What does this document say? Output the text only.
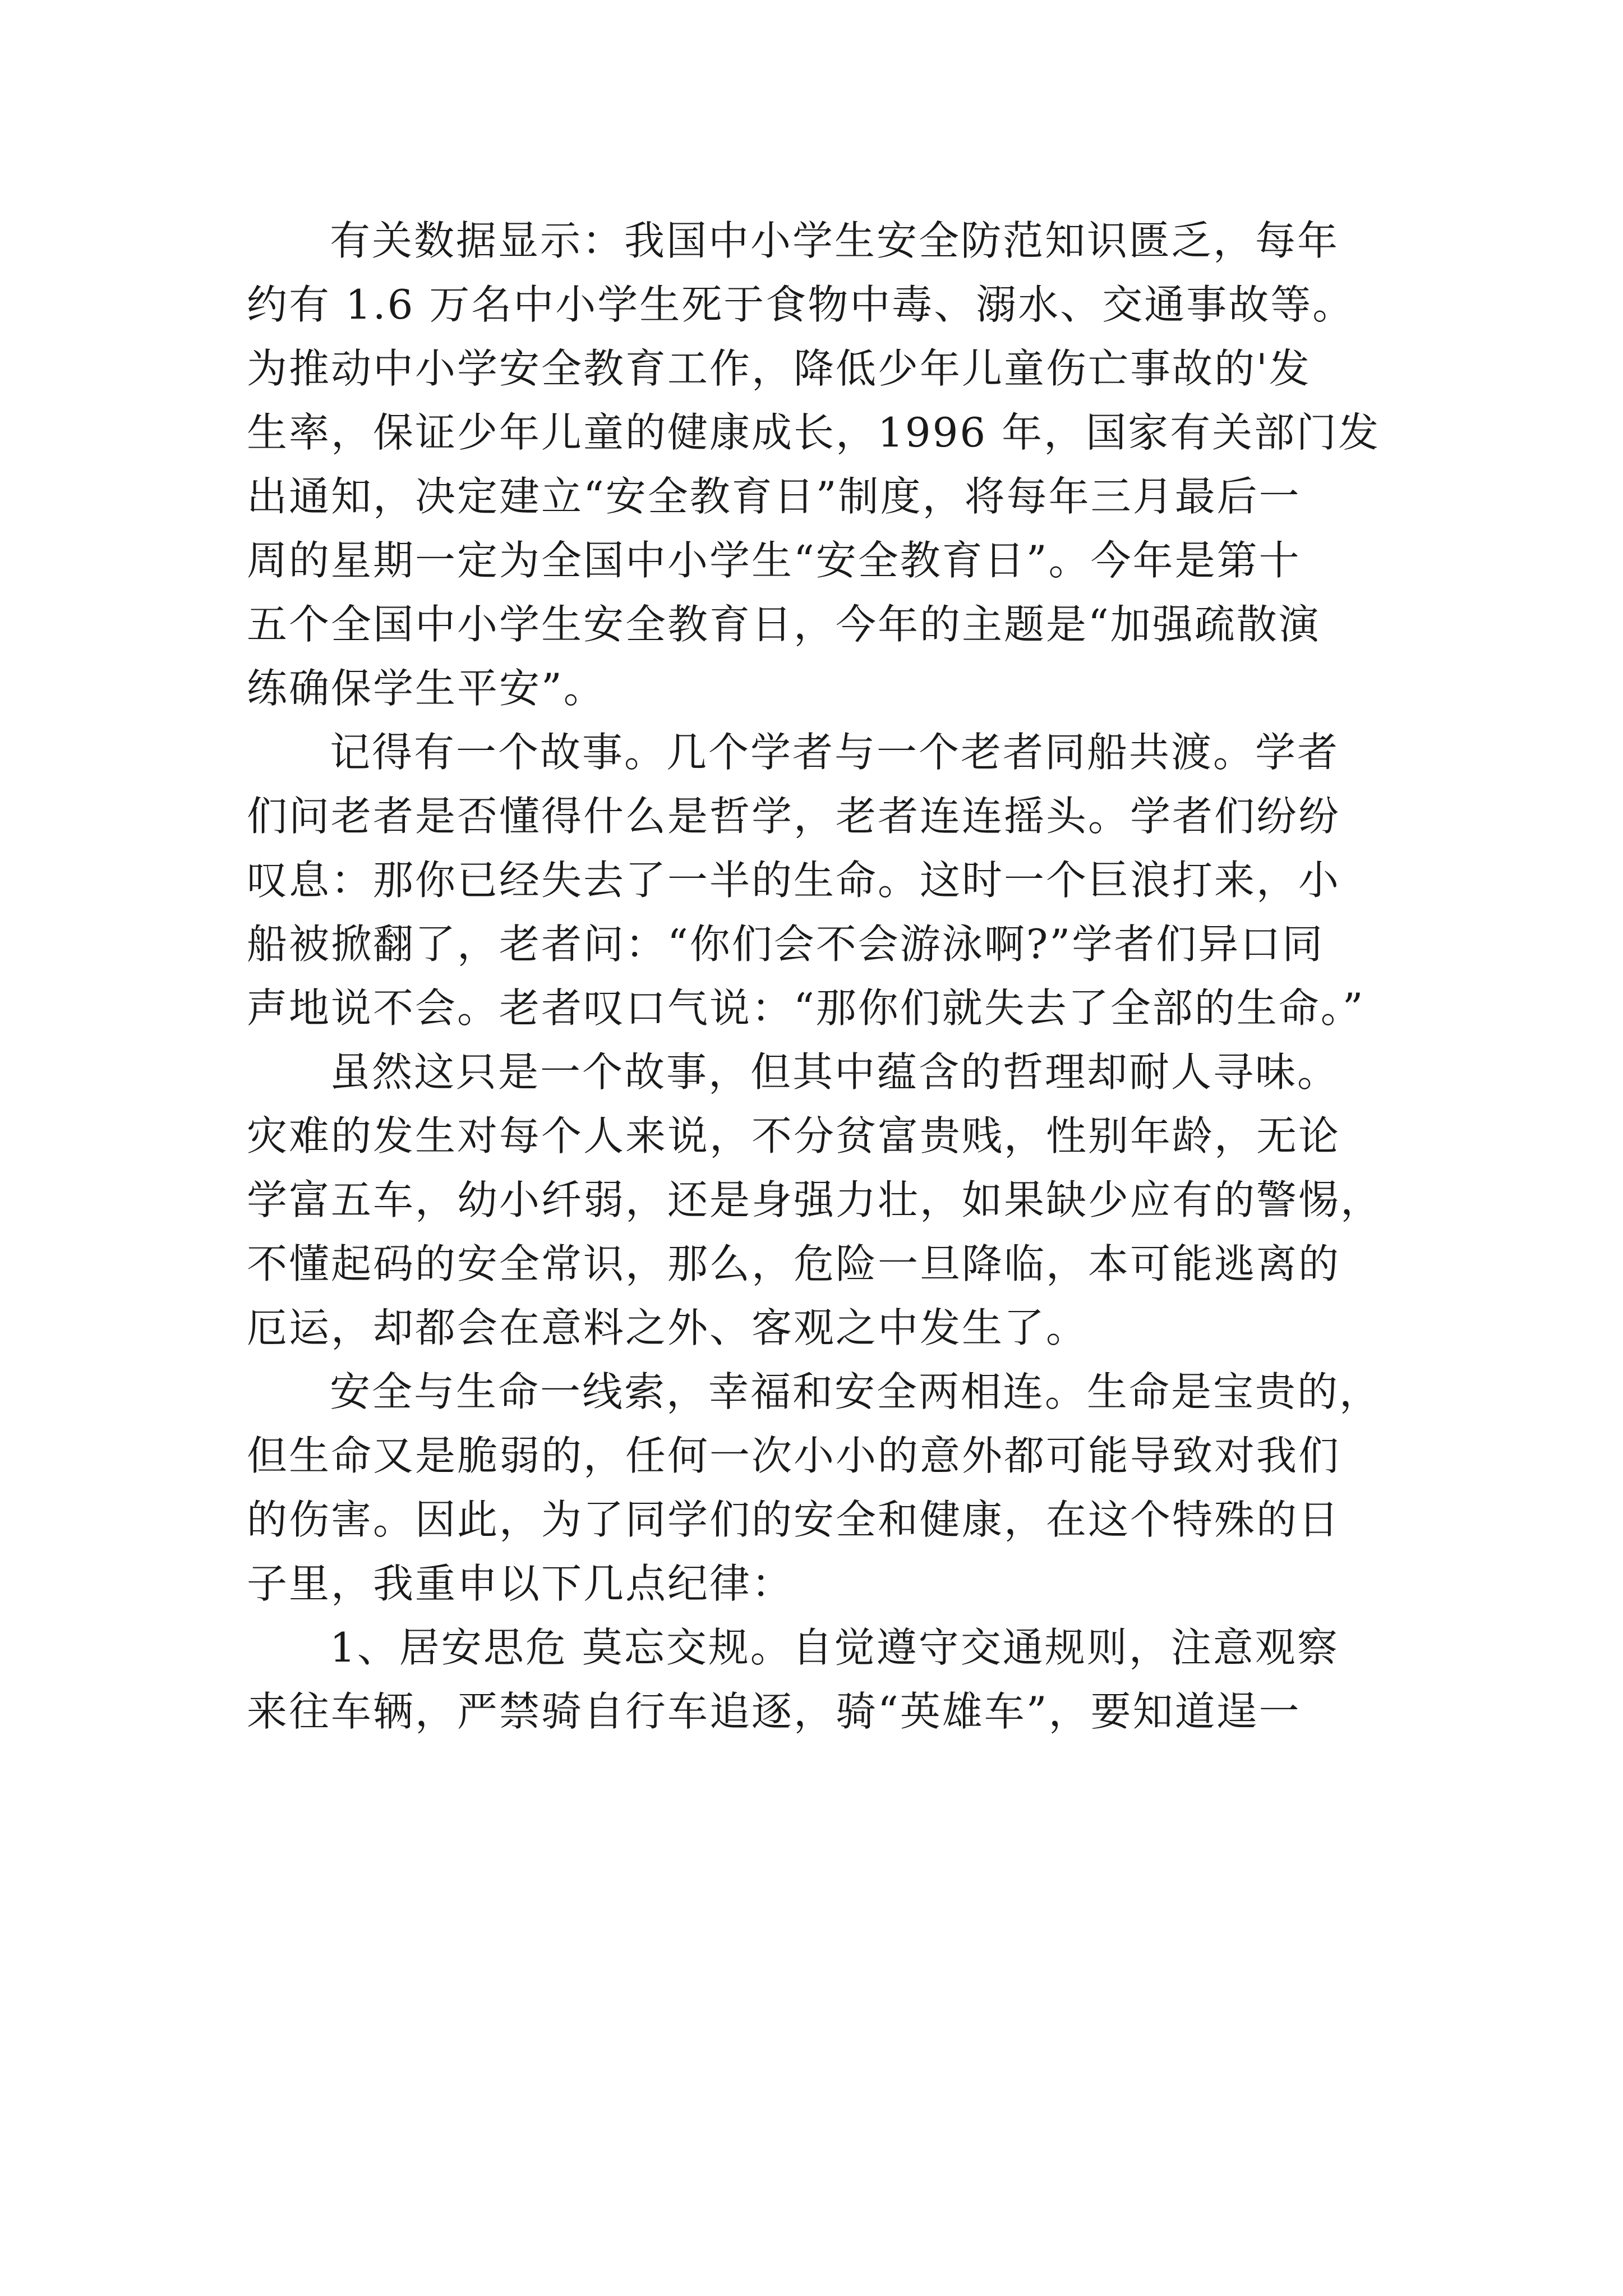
有关数据显示：我国中小学生安全防范知识匮乏，每年
约有 1.6 万名中小学生死于食物中毒、溺水、交通事故等。
为推动中小学安全教育工作，降低少年儿童伤亡事故的'发
生率，保证少年儿童的健康成长，1996 年，国家有关部门发
出通知，决定建立“安全教育日”制度，将每年三月最后一
周的星期一定为全国中小学生“安全教育日”。今年是第十
五个全国中小学生安全教育日，今年的主题是“加强疏散演
练确保学生平安”。
记得有一个故事。几个学者与一个老者同船共渡。学者
们问老者是否懂得什么是哲学，老者连连摇头。学者们纷纷
叹息：那你已经失去了一半的生命。这时一个巨浪打来，小
船被掀翻了，老者问：“你们会不会游泳啊?”学者们异口同
声地说不会。老者叹口气说：“那你们就失去了全部的生命。”
虽然这只是一个故事，但其中蕴含的哲理却耐人寻味。
灾难的发生对每个人来说，不分贫富贵贱，性别年龄，无论
学富五车，幼小纤弱，还是身强力壮，如果缺少应有的警惕，
不懂起码的安全常识，那么，危险一旦降临，本可能逃离的
厄运，却都会在意料之外、客观之中发生了。
安全与生命一线索，幸福和安全两相连。生命是宝贵的，
但生命又是脆弱的，任何一次小小的意外都可能导致对我们
的伤害。因此，为了同学们的安全和健康，在这个特殊的日
子里，我重申以下几点纪律：
1、居安思危 莫忘交规。自觉遵守交通规则，注意观察
来往车辆，严禁骑自行车追逐，骑“英雄车”，要知道逞一
